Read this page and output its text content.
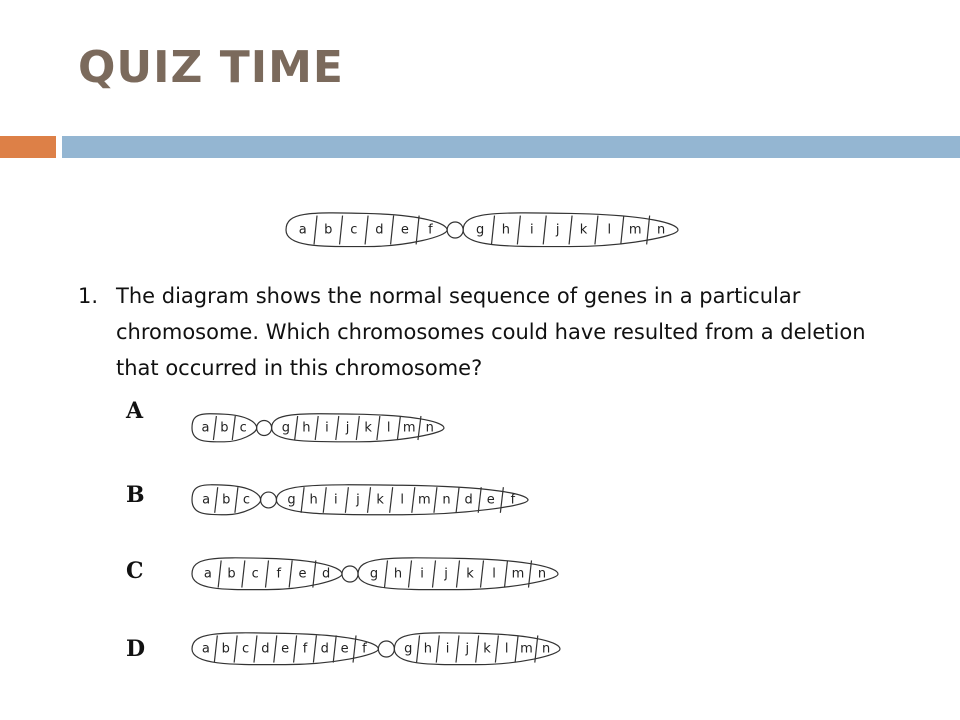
QUIZ TIME
a b c d e f	g h i j k l m n
1. The diagram shows the normal sequence of genes in a particular chromosome. Which chromosomes could have resulted from a deletion that occurred in this chromosome?
A
a b c	g h i j k l m n
B	a b c	g h i j k l m n d e f
C	a b c f e d	g h i j k l m n
D	a b c d e f d e f	g h i j k l m n
